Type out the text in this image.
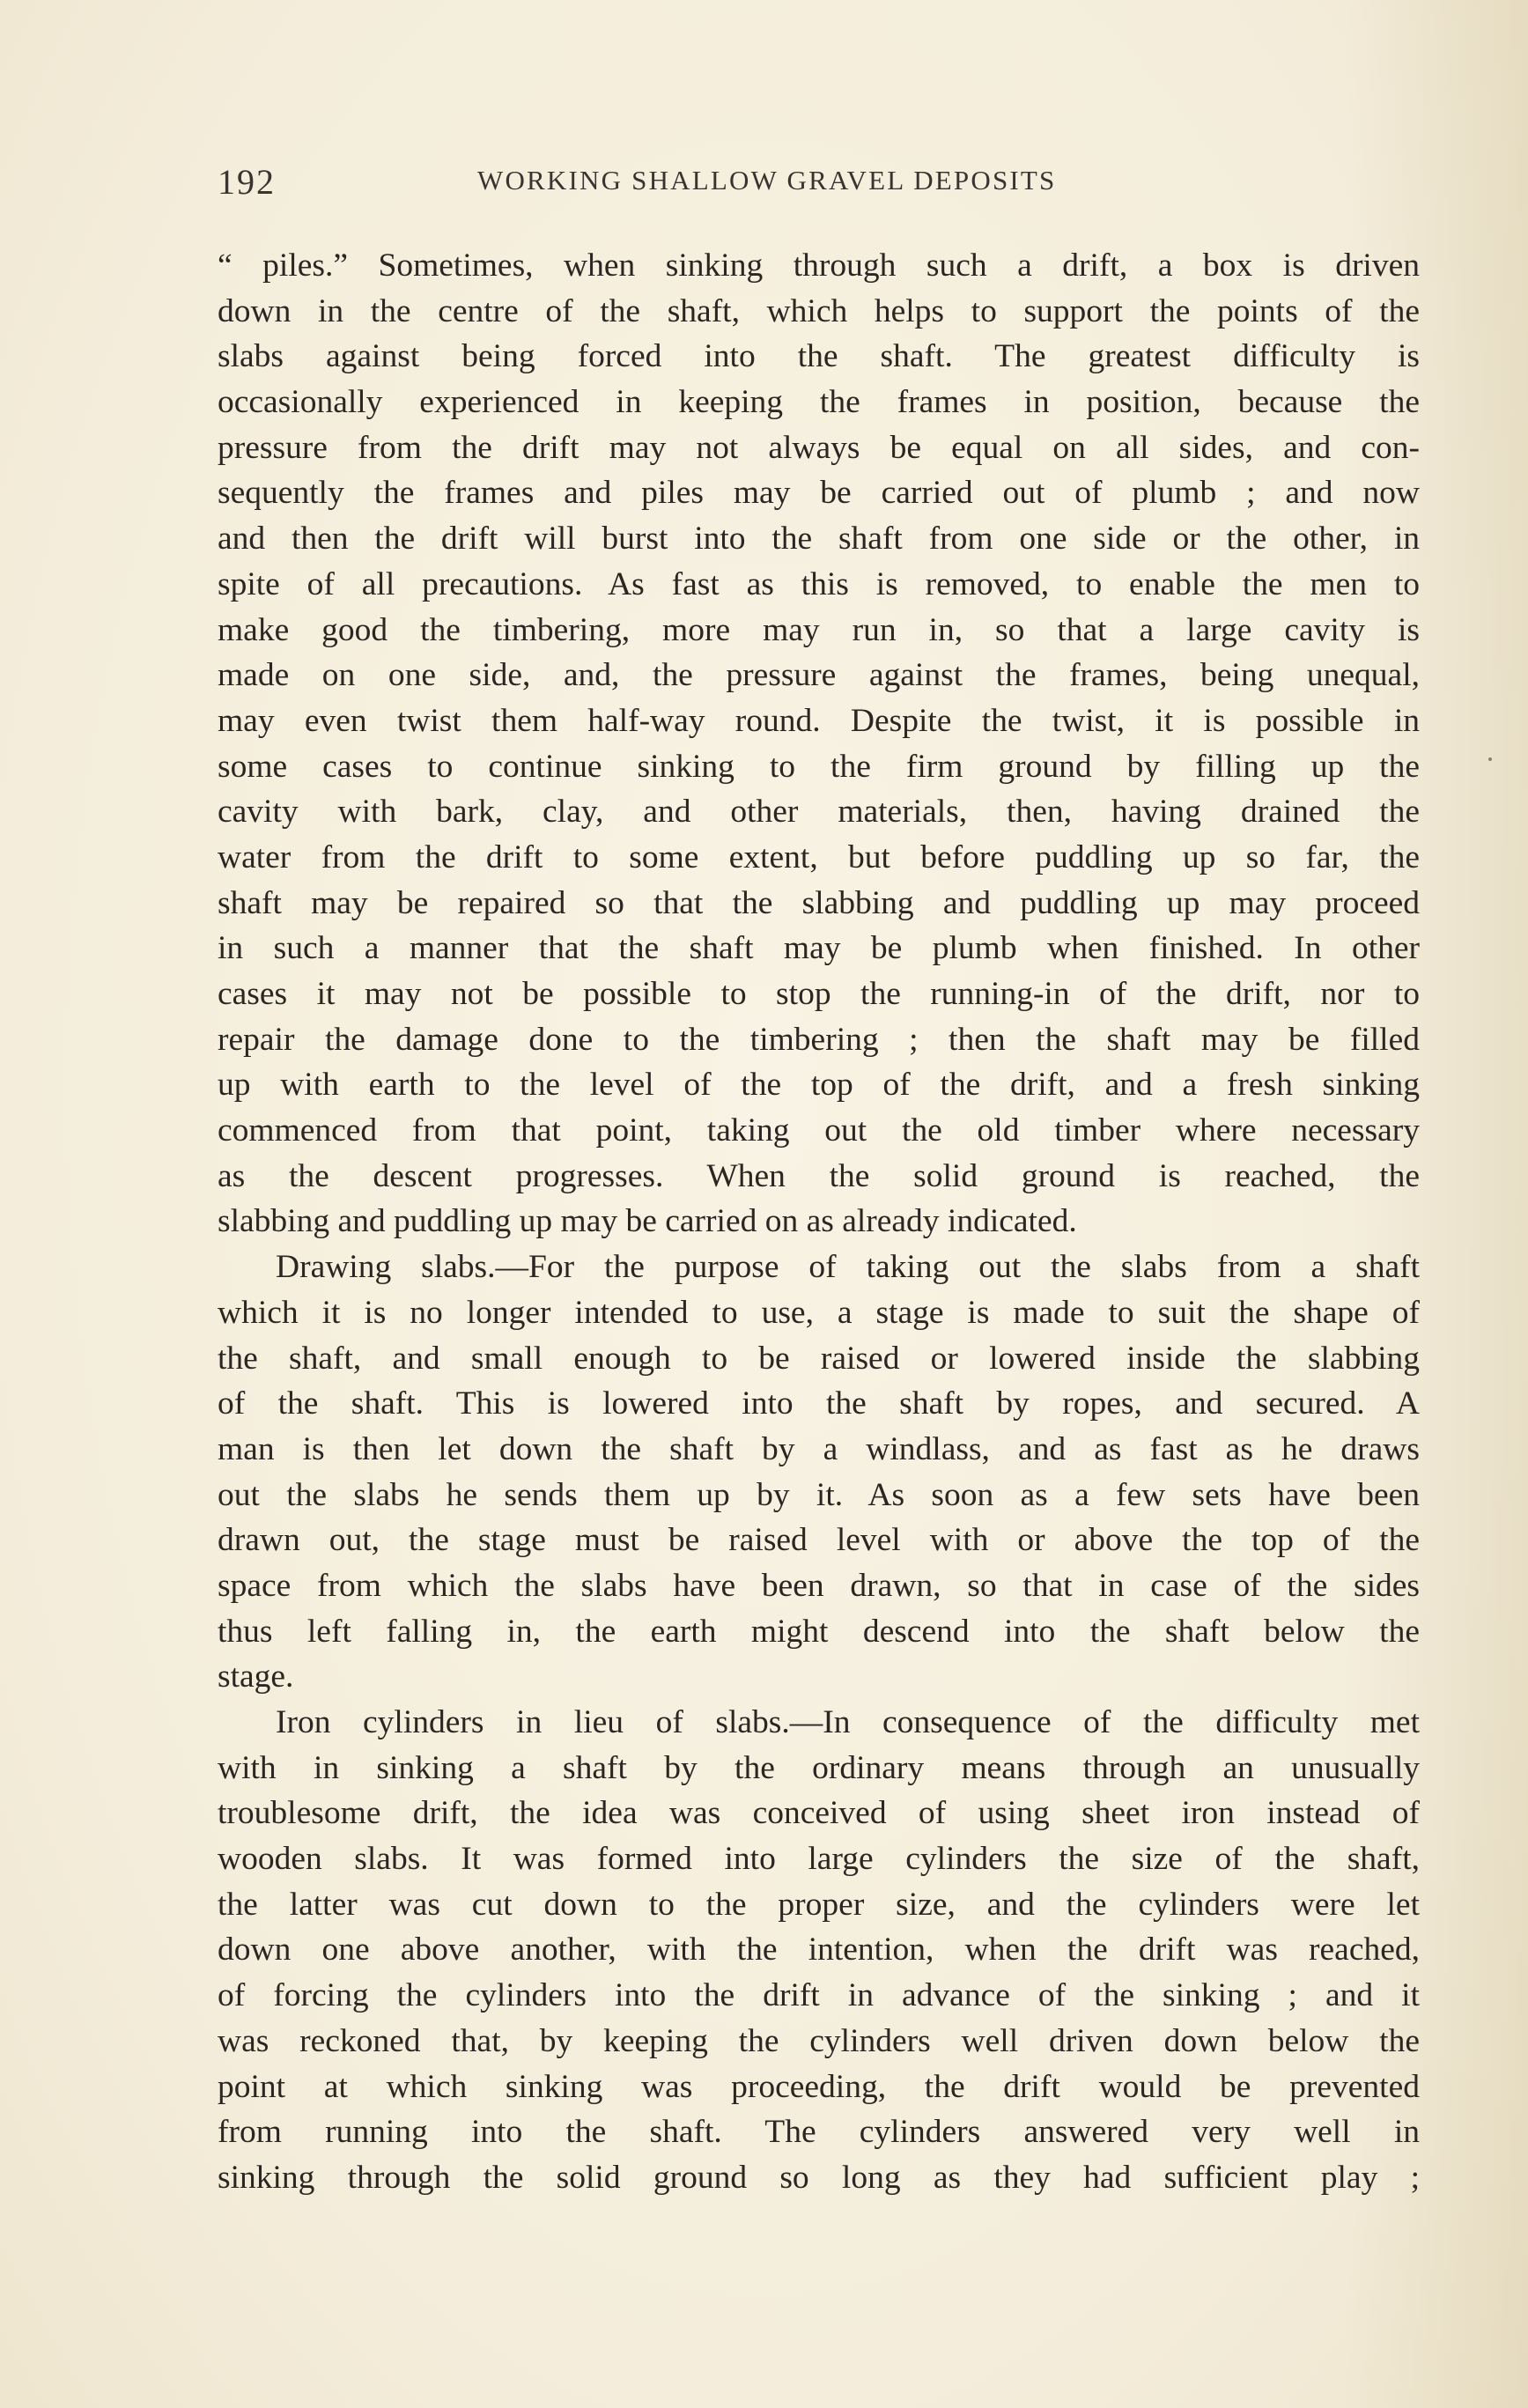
192	WORKING SHALLOW GRAVEL DEPOSITS
“ piles.” Sometimes, when sinking through such a drift, a box is driven
down in the centre of the shaft, which helps to support the points of the
slabs against being forced into the shaft. The greatest difficulty is
occasionally experienced in keeping the frames in position, because the
pressure from the drift may not always be equal on all sides, and con-
sequently the frames and piles may be carried out of plumb ; and now
and then the drift will burst into the shaft from one side or the other, in
spite of all precautions. As fast as this is removed, to enable the men to
make good the timbering, more may run in, so that a large cavity is
made on one side, and, the pressure against the frames, being unequal,
may even twist them half-way round. Despite the twist, it is possible in
some cases to continue sinking to the firm ground by filling up the
cavity with bark, clay, and other materials, then, having drained the
water from the drift to some extent, but before puddling up so far, the
shaft may be repaired so that the slabbing and puddling up may proceed
in such a manner that the shaft may be plumb when finished. In other
cases it may not be possible to stop the running-in of the drift, nor to
repair the damage done to the timbering ; then the shaft may be filled
up with earth to the level of the top of the drift, and a fresh sinking
commenced from that point, taking out the old timber where necessary
as the descent progresses. When the solid ground is reached, the
slabbing and puddling up may be carried on as already indicated.
Drawing slabs.—For the purpose of taking out the slabs from a shaft
which it is no longer intended to use, a stage is made to suit the shape of
the shaft, and small enough to be raised or lowered inside the slabbing
of the shaft. This is lowered into the shaft by ropes, and secured. A
man is then let down the shaft by a windlass, and as fast as he draws
out the slabs he sends them up by it. As soon as a few sets have been
drawn out, the stage must be raised level with or above the top of the
space from which the slabs have been drawn, so that in case of the sides
thus left falling in, the earth might descend into the shaft below the
stage.
Iron cylinders in lieu of slabs.—In consequence of the difficulty met
with in sinking a shaft by the ordinary means through an unusually
troublesome drift, the idea was conceived of using sheet iron instead of
wooden slabs. It was formed into large cylinders the size of the shaft,
the latter was cut down to the proper size, and the cylinders were let
down one above another, with the intention, when the drift was reached,
of forcing the cylinders into the drift in advance of the sinking ; and it
was reckoned that, by keeping the cylinders well driven down below the
point at which sinking was proceeding, the drift would be prevented
from running into the shaft. The cylinders answered very well in
sinking through the solid ground so long as they had sufficient play ;
